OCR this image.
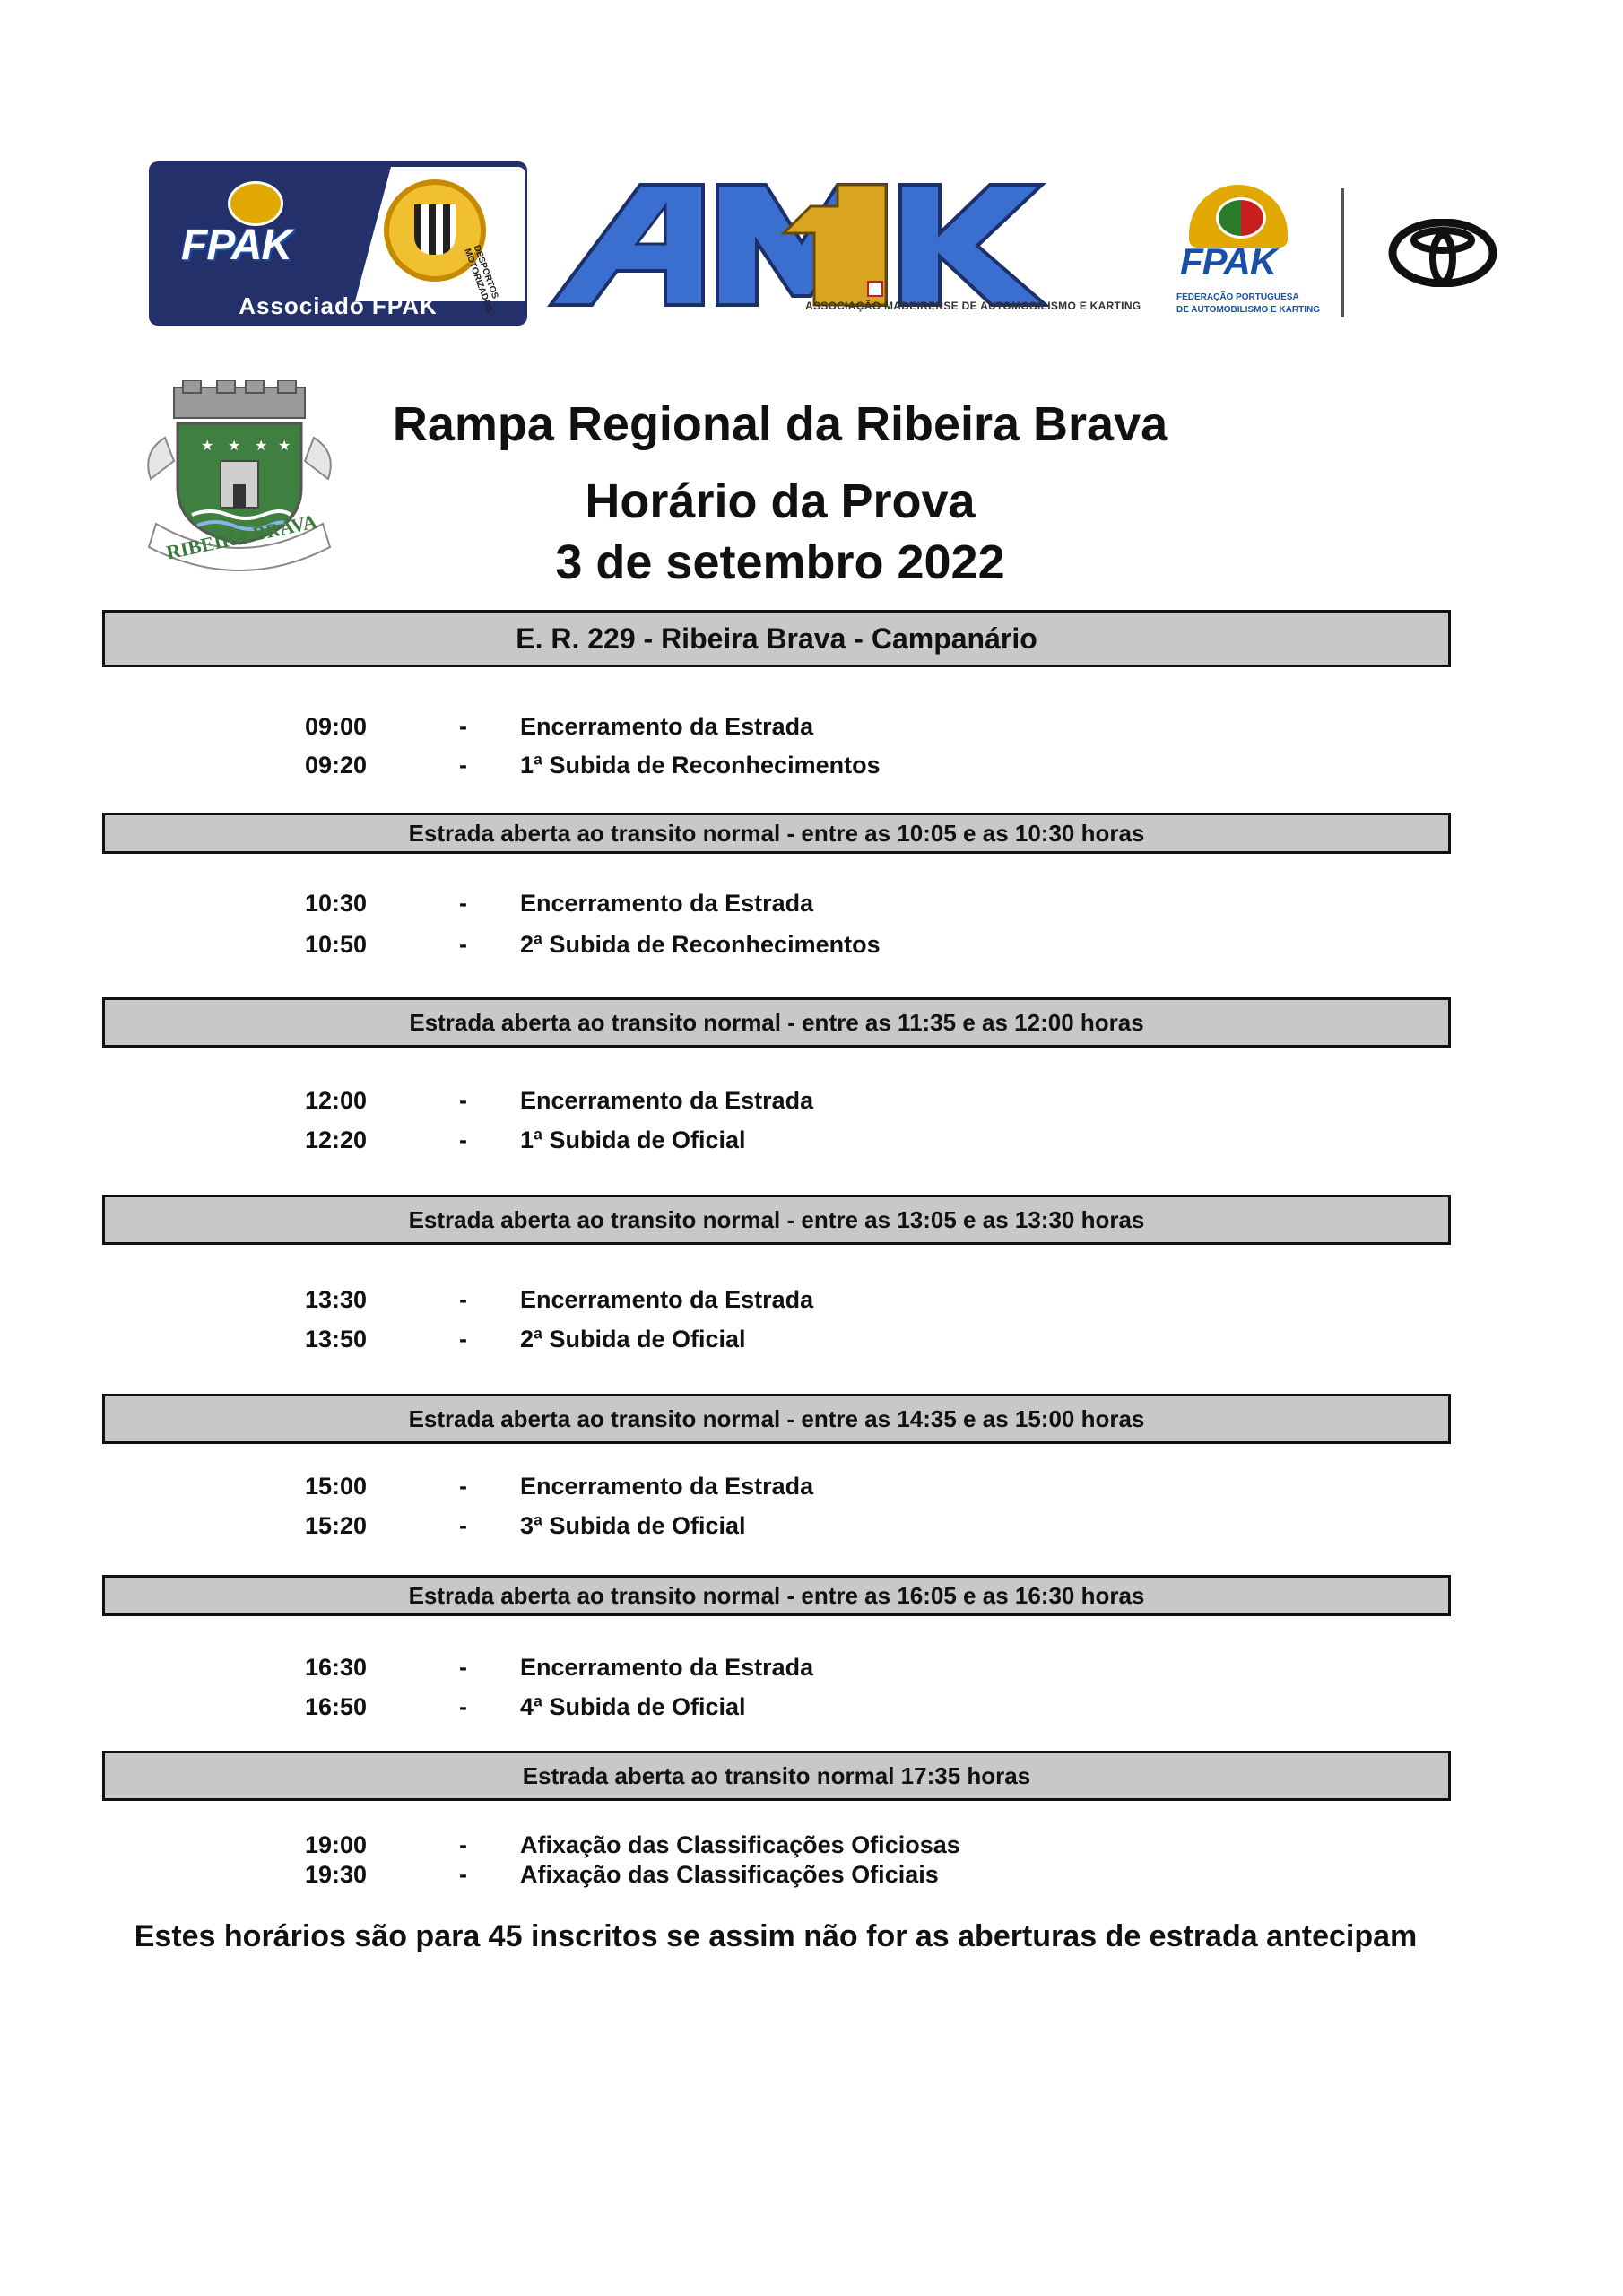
FPAK	DESPORTOS MOTORIZADOS
Associado FPAK	ASSOCIAÇÃO MADEIRENSE DE AUTOMOBILISMO E KARTING
FPAK
FEDERAÇÃO PORTUGUESA
DE AUTOMOBILISMO E KARTING
★ ★ ★ ★
RIBEIRA BRAVA
Rampa Regional da Ribeira Brava
Horário da Prova
3 de setembro 2022
E. R. 229 - Ribeira Brava - Campanário
09:00	- Encerramento da Estrada
09:20	- 1ª Subida de Reconhecimentos
Estrada aberta ao transito normal - entre as 10:05 e as 10:30 horas
10:30	- Encerramento da Estrada
10:50	- 2ª Subida de Reconhecimentos
Estrada aberta ao transito normal - entre as 11:35 e as 12:00 horas
12:00	- Encerramento da Estrada
12:20	- 1ª Subida de Oficial
Estrada aberta ao transito normal - entre as 13:05 e as 13:30 horas
13:30	- Encerramento da Estrada
13:50	- 2ª Subida de Oficial
Estrada aberta ao transito normal - entre as 14:35 e as 15:00 horas
15:00	- Encerramento da Estrada
15:20	- 3ª Subida de Oficial
Estrada aberta ao transito normal - entre as 16:05 e as 16:30 horas
16:30	- Encerramento da Estrada
16:50	- 4ª Subida de Oficial
Estrada aberta ao transito normal 17:35 horas
19:00	- Afixação das Classificações Oficiosas
19:30	- Afixação das Classificações Oficiais
Estes horários são para 45 inscritos se assim não for as aberturas de estrada antecipam
